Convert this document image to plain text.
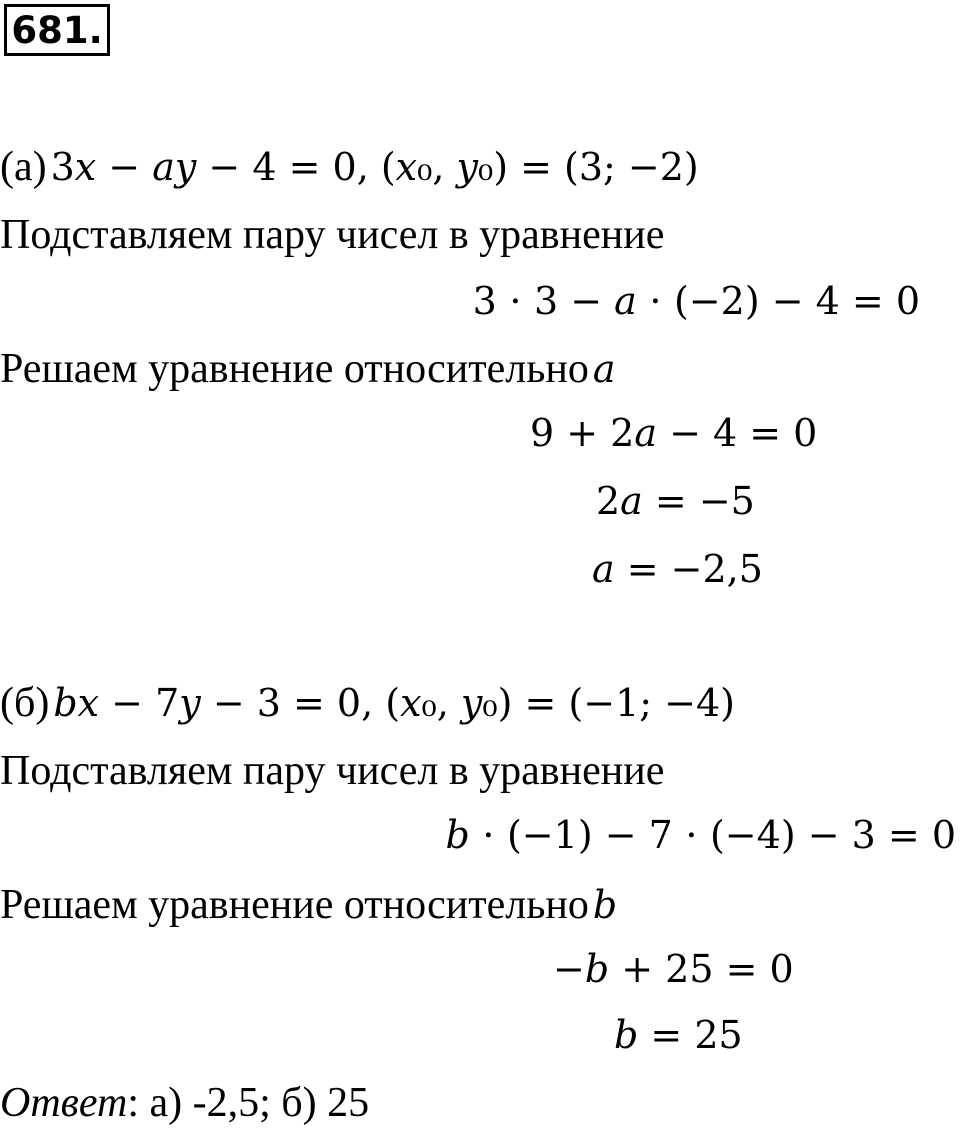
681.
(а) 3𝑥 − 𝑎𝑦 − 4 = 0, (𝑥₀, 𝑦₀) = (3; −2)
Подставляем пару чисел в уравнение
3 ⋅ 3 − 𝑎 ⋅ (−2) − 4 = 0
Решаем уравнение относительно 𝑎
9 + 2𝑎 − 4 = 0
2𝑎 = −5
𝑎 = −2,5
(б) 𝑏𝑥 − 7𝑦 − 3 = 0, (𝑥₀, 𝑦₀) = (−1; −4)
Подставляем пару чисел в уравнение
𝑏 ⋅ (−1) − 7 ⋅ (−4) − 3 = 0
Решаем уравнение относительно 𝑏
−𝑏 + 25 = 0
𝑏 = 25
Ответ: а) -2,5; б) 25
